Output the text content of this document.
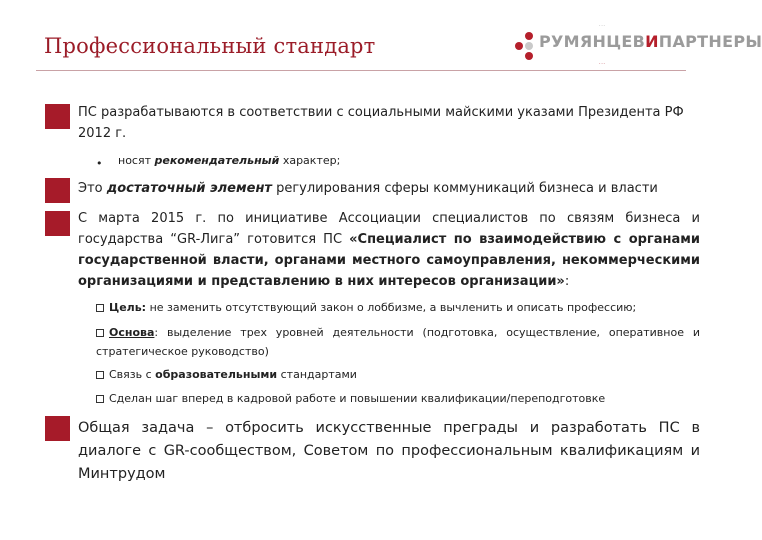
Профессиональный стандарт
...
РУМЯНЦЕВИПАРТНЕРЫ
...
ПС разрабатываются в соответствии с социальными майскими указами Президента РФ 2012 г.
• носят рекомендательный характер;
Это достаточный элемент регулирования сферы коммуникаций бизнеса и власти
С марта 2015 г. по инициативе Ассоциации специалистов по связям бизнеса и государства “GR-Лига” готовится ПС «Специалист по взаимодействию с органами государственной власти, органами местного самоуправления, некоммерческими организациями и представлению в них интересов организации»:
Цель: не заменить отсутствующий закон о лоббизме, а вычленить и описать профессию;
Основа: выделение трех уровней деятельности (подготовка, осуществление, оперативное и стратегическое руководство)
Связь с образовательными стандартами
Сделан шаг вперед в кадровой работе и повышении квалификации/переподготовке
Общая задача – отбросить искусственные преграды и разработать ПС в диалоге с GR-сообществом, Советом по профессиональным квалификациям и Минтрудом
